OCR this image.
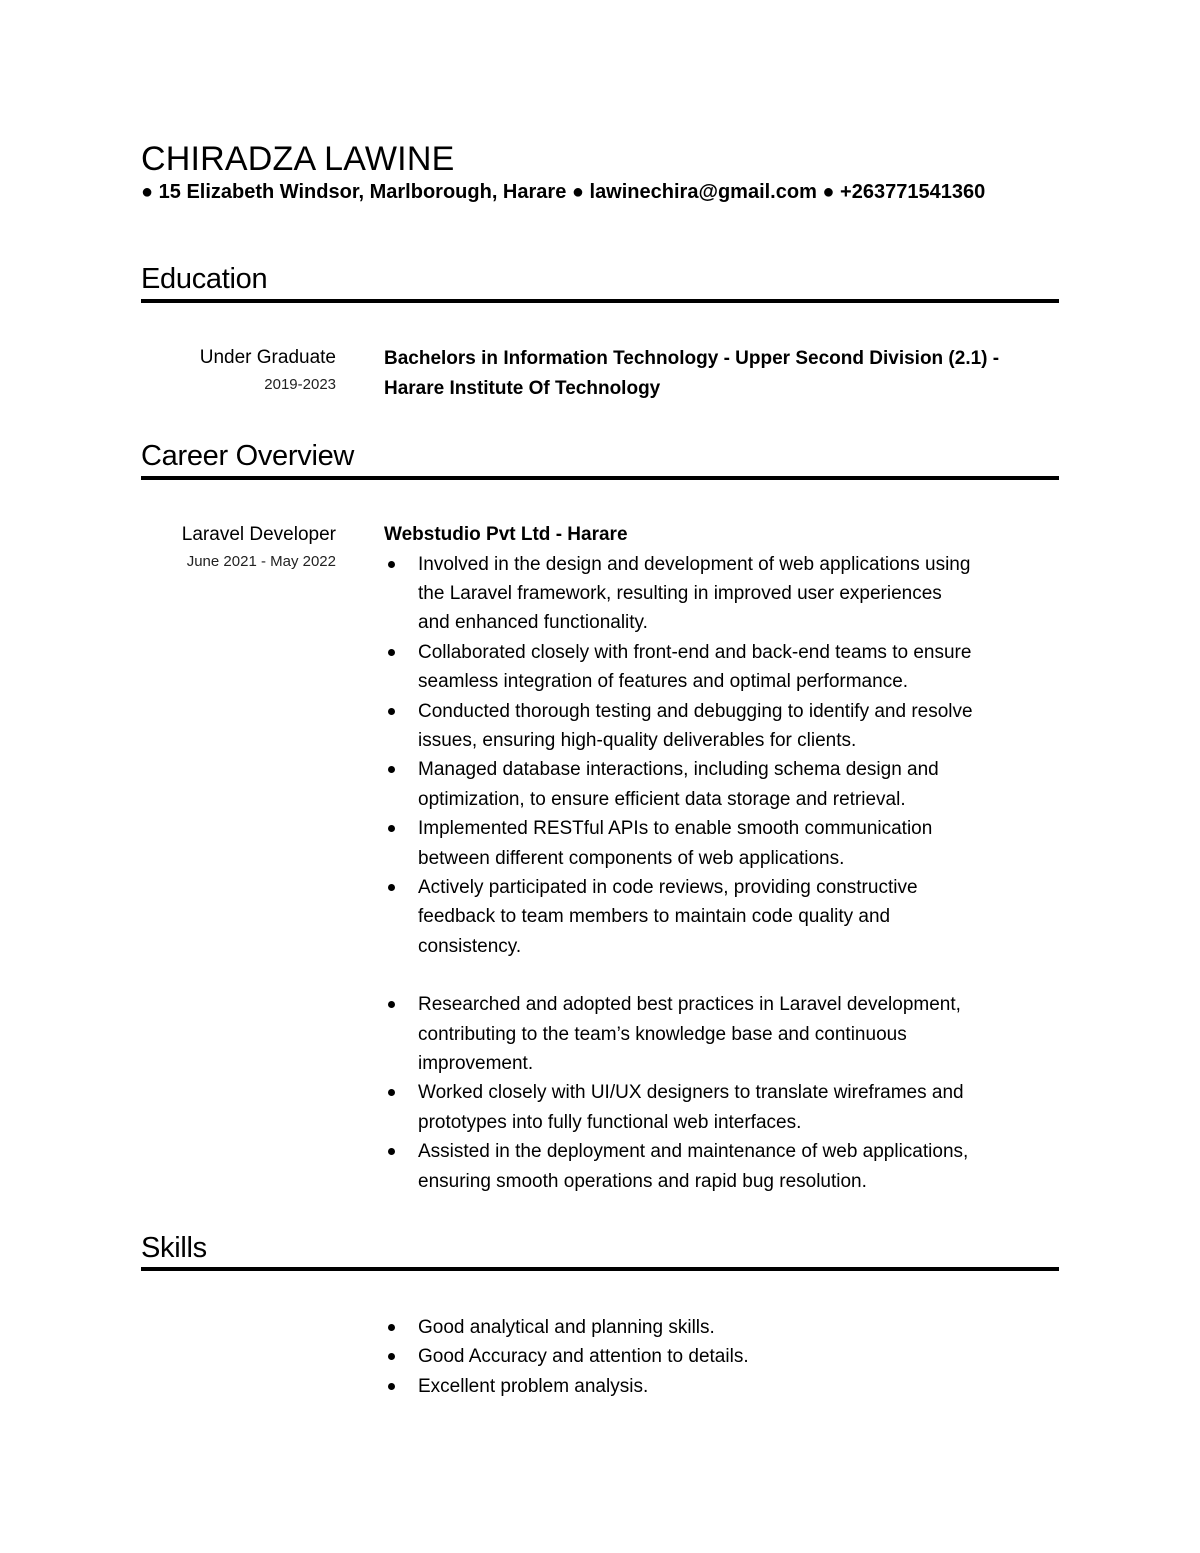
CHIRADZA LAWINE
● 15 Elizabeth Windsor, Marlborough, Harare ● lawinechira@gmail.com ● +263771541360
Education
Under Graduate
2019-2023
Bachelors in Information Technology - Upper Second Division (2.1) -
Harare Institute Of Technology
Career Overview
Laravel Developer
June 2021 - May 2022
Webstudio Pvt Ltd - Harare
Involved in the design and development of web applications using
the Laravel framework, resulting in improved user experiences
and enhanced functionality.
Collaborated closely with front-end and back-end teams to ensure
seamless integration of features and optimal performance.
Conducted thorough testing and debugging to identify and resolve
issues, ensuring high-quality deliverables for clients.
Managed database interactions, including schema design and
optimization, to ensure efficient data storage and retrieval.
Implemented RESTful APIs to enable smooth communication
between different components of web applications.
Actively participated in code reviews, providing constructive
feedback to team members to maintain code quality and
consistency.
Researched and adopted best practices in Laravel development,
contributing to the team’s knowledge base and continuous
improvement.
Worked closely with UI/UX designers to translate wireframes and
prototypes into fully functional web interfaces.
Assisted in the deployment and maintenance of web applications,
ensuring smooth operations and rapid bug resolution.
Skills
Good analytical and planning skills.
Good Accuracy and attention to details.
Excellent problem analysis.
